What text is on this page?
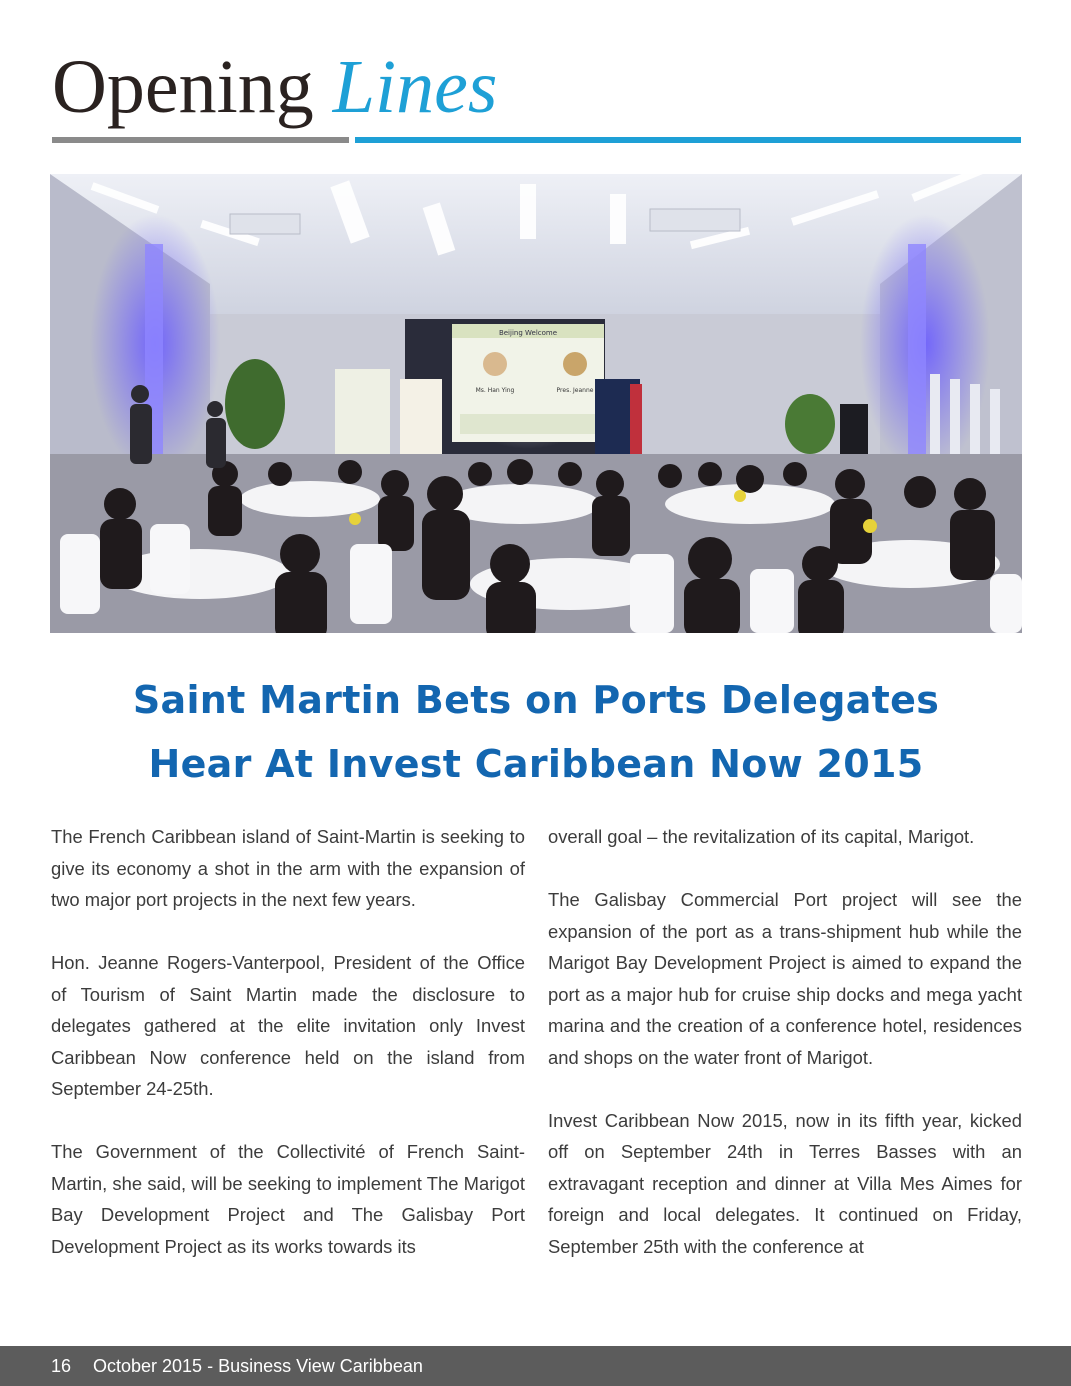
Opening Lines
Beijing Welcome
Ms. Han Ying	Pres. Jeanne
Saint Martin Bets on Ports Delegates
Hear At Invest Caribbean Now 2015

The French Caribbean island of Saint-Martin is seeking to give its economy a shot in the arm with the expansion of two major port projects in the next few years.

Hon. Jeanne Rogers-Vanterpool, President of the Office of Tourism of Saint Martin made the disclosure to delegates gathered at the elite invitation only Invest Caribbean Now conference held on the island from September 24-25th.

The Government of the Collectivité of French Saint-Martin, she said, will be seeking to implement The Marigot Bay Development Project and The Galisbay Port Development Project as its works towards its

overall goal – the revitalization of its capital, Marigot.

The Galisbay Commercial Port project will see the expansion of the port as a trans-shipment hub while the Marigot Bay Development Project is aimed to expand the port as a major hub for cruise ship docks and mega yacht marina and the creation of a conference hotel, residences and shops on the water front of Marigot.

Invest Caribbean Now 2015, now in its fifth year, kicked off on September 24th in Terres Basses with an extravagant reception and dinner at Villa Mes Aimes for foreign and local delegates. It continued on Friday, September 25th with the conference at

16 October 2015 - Business View Caribbean
